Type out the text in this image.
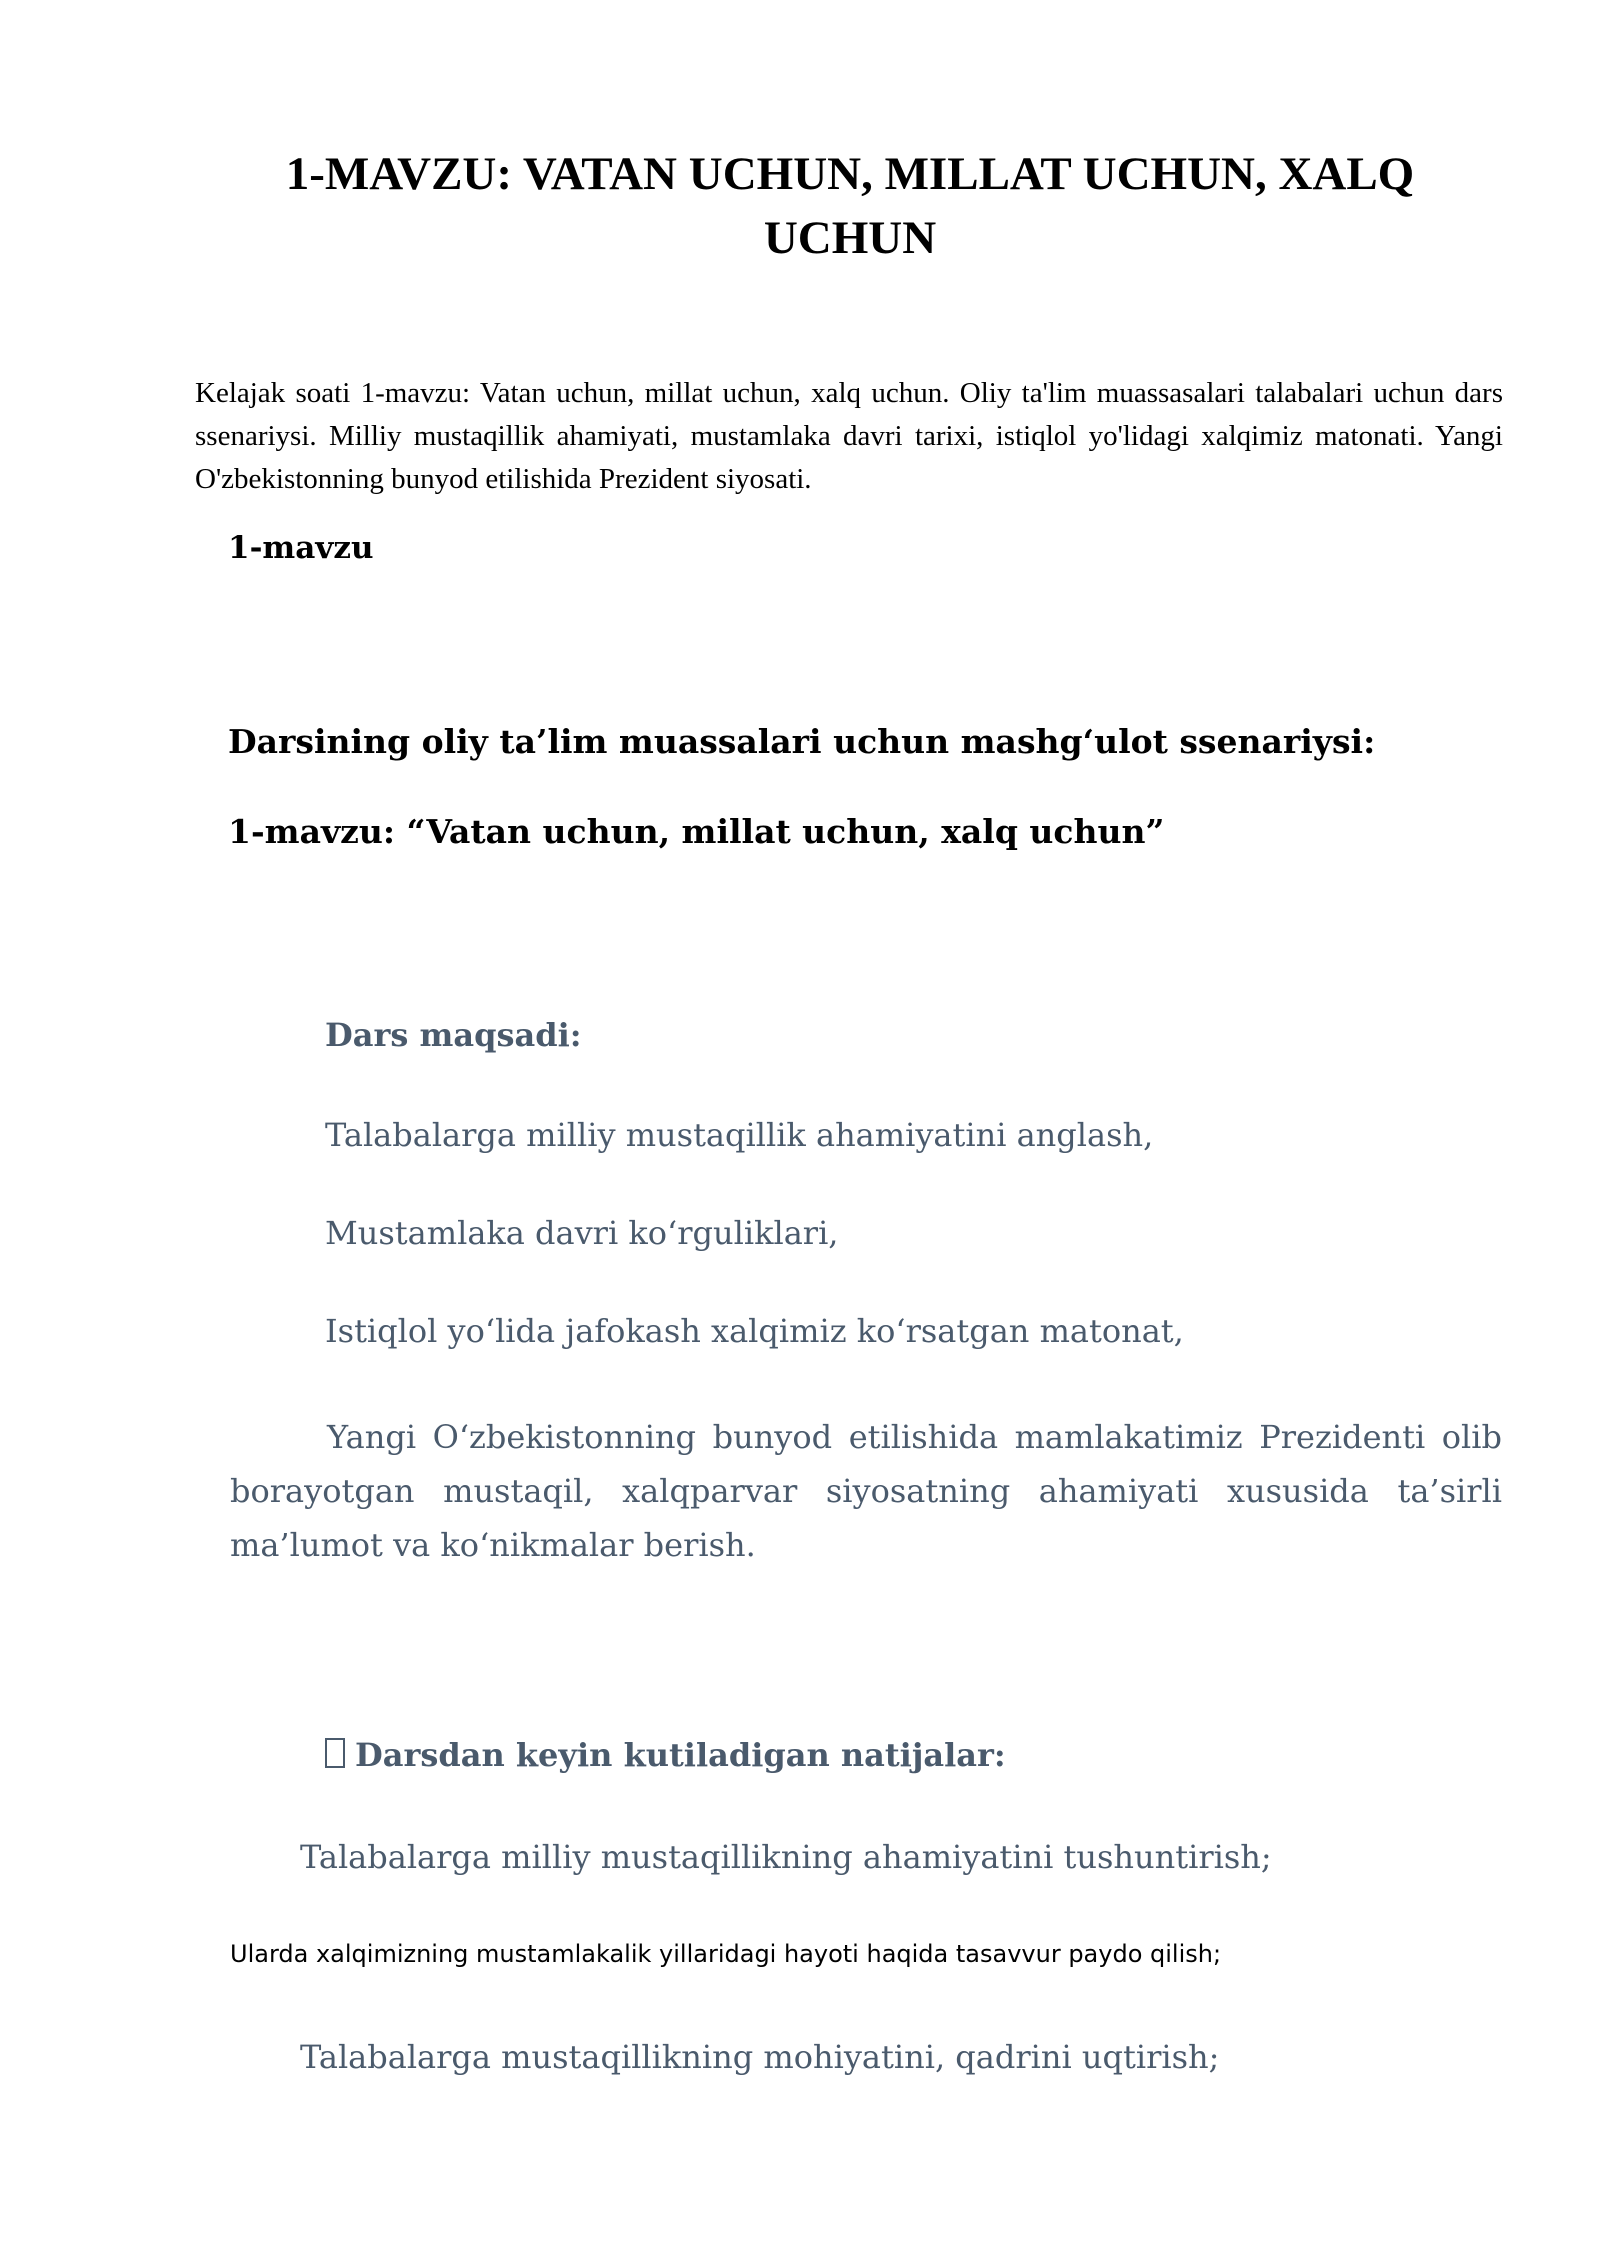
1-MAVZU: VATAN UCHUN, MILLAT UCHUN, XALQ UCHUN

Kelajak soati 1-mavzu: Vatan uchun, millat uchun, xalq uchun. Oliy ta'lim muassasalari talabalari uchun dars ssenariysi. Milliy mustaqillik ahamiyati, mustamlaka davri tarixi, istiqlol yo'lidagi xalqimiz matonati. Yangi O'zbekistonning bunyod etilishida Prezident siyosati.

1-mavzu

Darsining oliy ta’lim muassalari uchun mashg‘ulot ssenariysi:

1-mavzu: “Vatan uchun, millat uchun, xalq uchun”

Dars maqsadi:

Talabalarga milliy mustaqillik ahamiyatini anglash,

Mustamlaka davri ko‘rguliklari,

Istiqlol yo‘lida jafokash xalqimiz ko‘rsatgan matonat,

Yangi O‘zbekistonning bunyod etilishida mamlakatimiz Prezidenti olib borayotgan mustaqil, xalqparvar siyosatning ahamiyati xususida ta’sirli ma’lumot va ko‘nikmalar berish.

Darsdan keyin kutiladigan natijalar:

Talabalarga milliy mustaqillikning ahamiyatini tushuntirish;

Ularda xalqimizning mustamlakalik yillaridagi hayoti haqida tasavvur paydo qilish;

Talabalarga mustaqillikning mohiyatini, qadrini uqtirish;
